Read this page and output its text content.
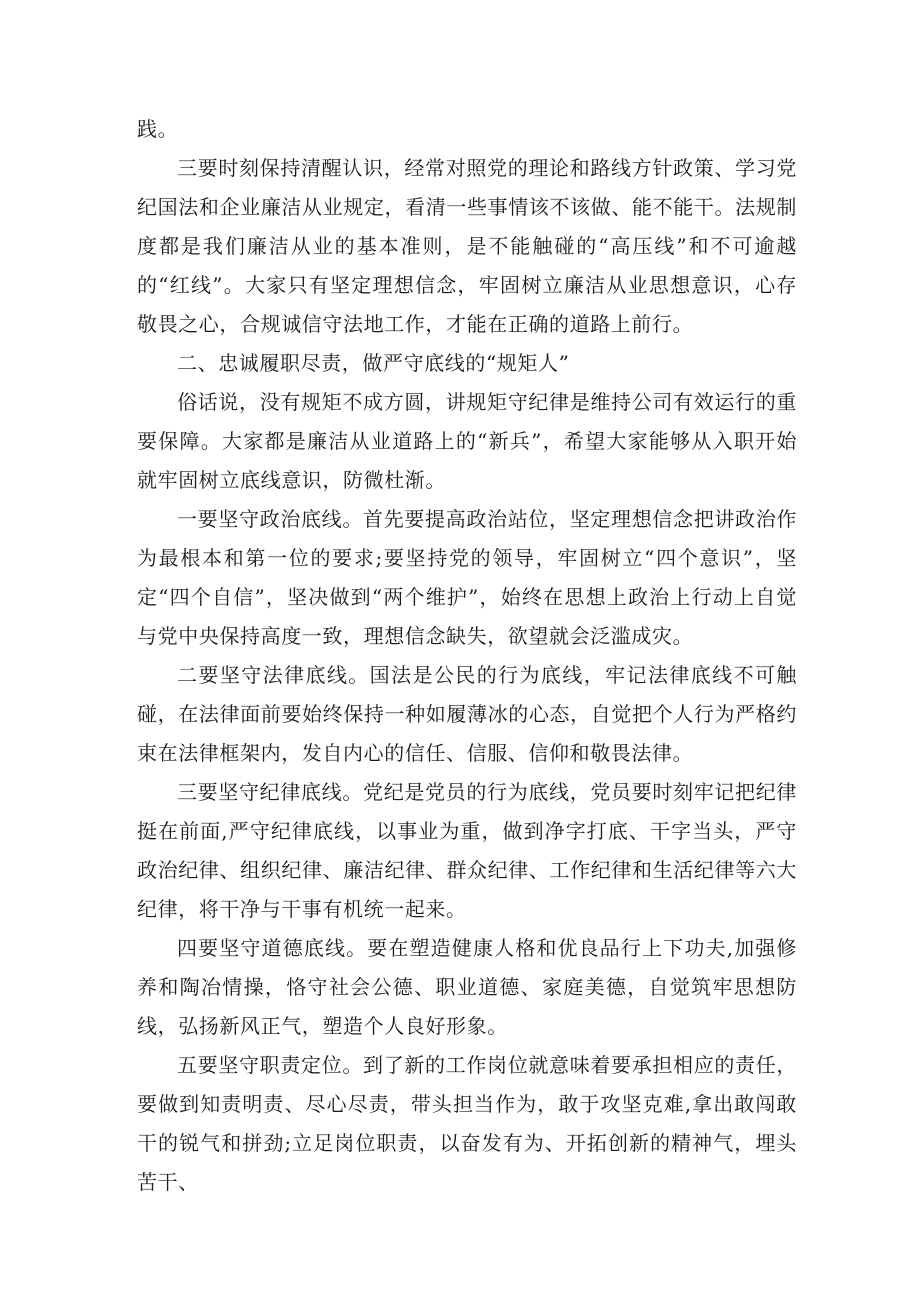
践。

三要时刻保持清醒认识，经常对照党的理论和路线方针政策、学习党纪国法和企业廉洁从业规定，看清一些事情该不该做、能不能干。法规制度都是我们廉洁从业的基本准则，是不能触碰的“高压线”和不可逾越的“红线”。大家只有坚定理想信念，牢固树立廉洁从业思想意识，心存敬畏之心，合规诚信守法地工作，才能在正确的道路上前行。

二、忠诚履职尽责，做严守底线的“规矩人”

俗话说，没有规矩不成方圆，讲规矩守纪律是维持公司有效运行的重要保障。大家都是廉洁从业道路上的“新兵”，希望大家能够从入职开始就牢固树立底线意识，防微杜渐。

一要坚守政治底线。首先要提高政治站位，坚定理想信念把讲政治作为最根本和第一位的要求;要坚持党的领导，牢固树立“四个意识”，坚定“四个自信”，坚决做到“两个维护”，始终在思想上政治上行动上自觉与党中央保持高度一致，理想信念缺失，欲望就会泛滥成灾。

二要坚守法律底线。国法是公民的行为底线，牢记法律底线不可触碰，在法律面前要始终保持一种如履薄冰的心态，自觉把个人行为严格约束在法律框架内，发自内心的信任、信服、信仰和敬畏法律。

三要坚守纪律底线。党纪是党员的行为底线，党员要时刻牢记把纪律挺在前面,严守纪律底线，以事业为重，做到净字打底、干字当头，严守政治纪律、组织纪律、廉洁纪律、群众纪律、工作纪律和生活纪律等六大纪律，将干净与干事有机统一起来。

四要坚守道德底线。要在塑造健康人格和优良品行上下功夫,加强修养和陶冶情操，恪守社会公德、职业道德、家庭美德，自觉筑牢思想防线，弘扬新风正气，塑造个人良好形象。

五要坚守职责定位。到了新的工作岗位就意味着要承担相应的责任，要做到知责明责、尽心尽责，带头担当作为，敢于攻坚克难,拿出敢闯敢干的锐气和拼劲;立足岗位职责，以奋发有为、开拓创新的精神气，埋头苦干、
